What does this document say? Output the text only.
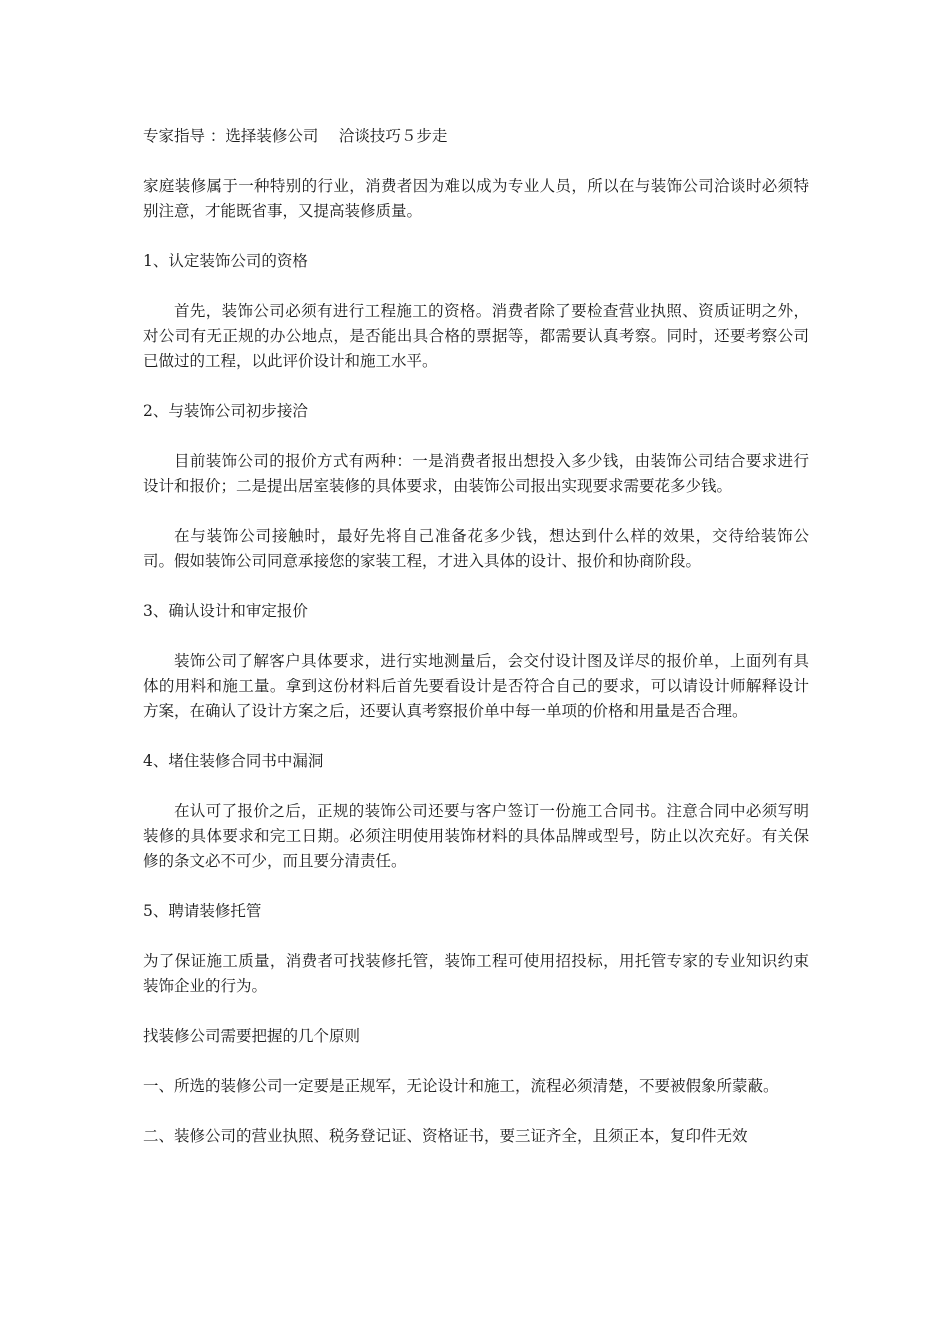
专家指导 ：选择装修公司　 洽谈技巧５步走

家庭装修属于一种特别的行业，消费者因为难以成为专业人员，所以在与装饰公司洽谈时必须特别注意，才能既省事，又提高装修质量。

1、认定装饰公司的资格

首先，装饰公司必须有进行工程施工的资格。消费者除了要检查营业执照、资质证明之外，对公司有无正规的办公地点，是否能出具合格的票据等，都需要认真考察。同时，还要考察公司已做过的工程，以此评价设计和施工水平。

2、与装饰公司初步接洽

目前装饰公司的报价方式有两种：一是消费者报出想投入多少钱，由装饰公司结合要求进行设计和报价；二是提出居室装修的具体要求，由装饰公司报出实现要求需要花多少钱。

在与装饰公司接触时，最好先将自己准备花多少钱，想达到什么样的效果，交待给装饰公司。假如装饰公司同意承接您的家装工程，才进入具体的设计、报价和协商阶段。

3、确认设计和审定报价

装饰公司了解客户具体要求，进行实地测量后，会交付设计图及详尽的报价单，上面列有具体的用料和施工量。拿到这份材料后首先要看设计是否符合自己的要求，可以请设计师解释设计方案，在确认了设计方案之后，还要认真考察报价单中每一单项的价格和用量是否合理。

4、堵住装修合同书中漏洞

在认可了报价之后，正规的装饰公司还要与客户签订一份施工合同书。注意合同中必须写明装修的具体要求和完工日期。必须注明使用装饰材料的具体品牌或型号，防止以次充好。有关保修的条文必不可少，而且要分清责任。

5、聘请装修托管

为了保证施工质量，消费者可找装修托管，装饰工程可使用招投标，用托管专家的专业知识约束装饰企业的行为。

找装修公司需要把握的几个原则

一、所选的装修公司一定要是正规军，无论设计和施工，流程必须清楚，不要被假象所蒙蔽。

二、装修公司的营业执照、税务登记证、资格证书，要三证齐全，且须正本，复印件无效
